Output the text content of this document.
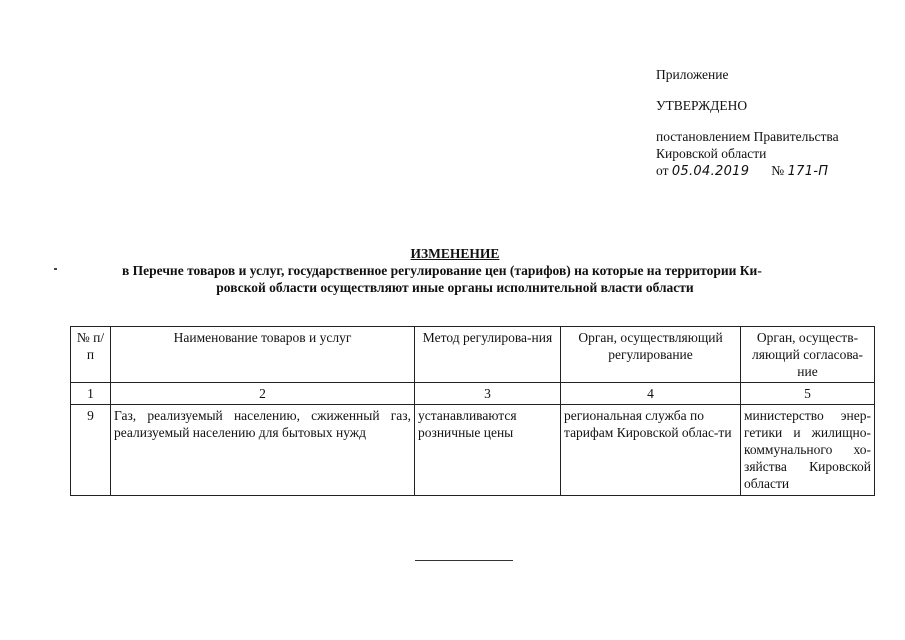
Приложение
УТВЕРЖДЕНО
постановлением Правительства
Кировской области
от
05.04.2019 №
171-П
ИЗМЕНЕНИЕ
в Перечне товаров и услуг, государственное регулирование цен (тарифов) на которые на территории Ки-
ровской области осуществляют иные органы исполнительной власти области
№ п/п	Наименование товаров и услуг	Метод регулирова-ния	Орган, осуществляющий регулирование	Орган, осуществ-ляющий согласова-ние
1	2	3	4	5
9	Газ, реализуемый населению, сжиженный газ, реализуемый населению для бытовых нужд	устанавливаются розничные цены	региональная служба по тарифам Кировской облас-ти	министерство энер-гетики и жилищно-коммунального хо-зяйства Кировской области
